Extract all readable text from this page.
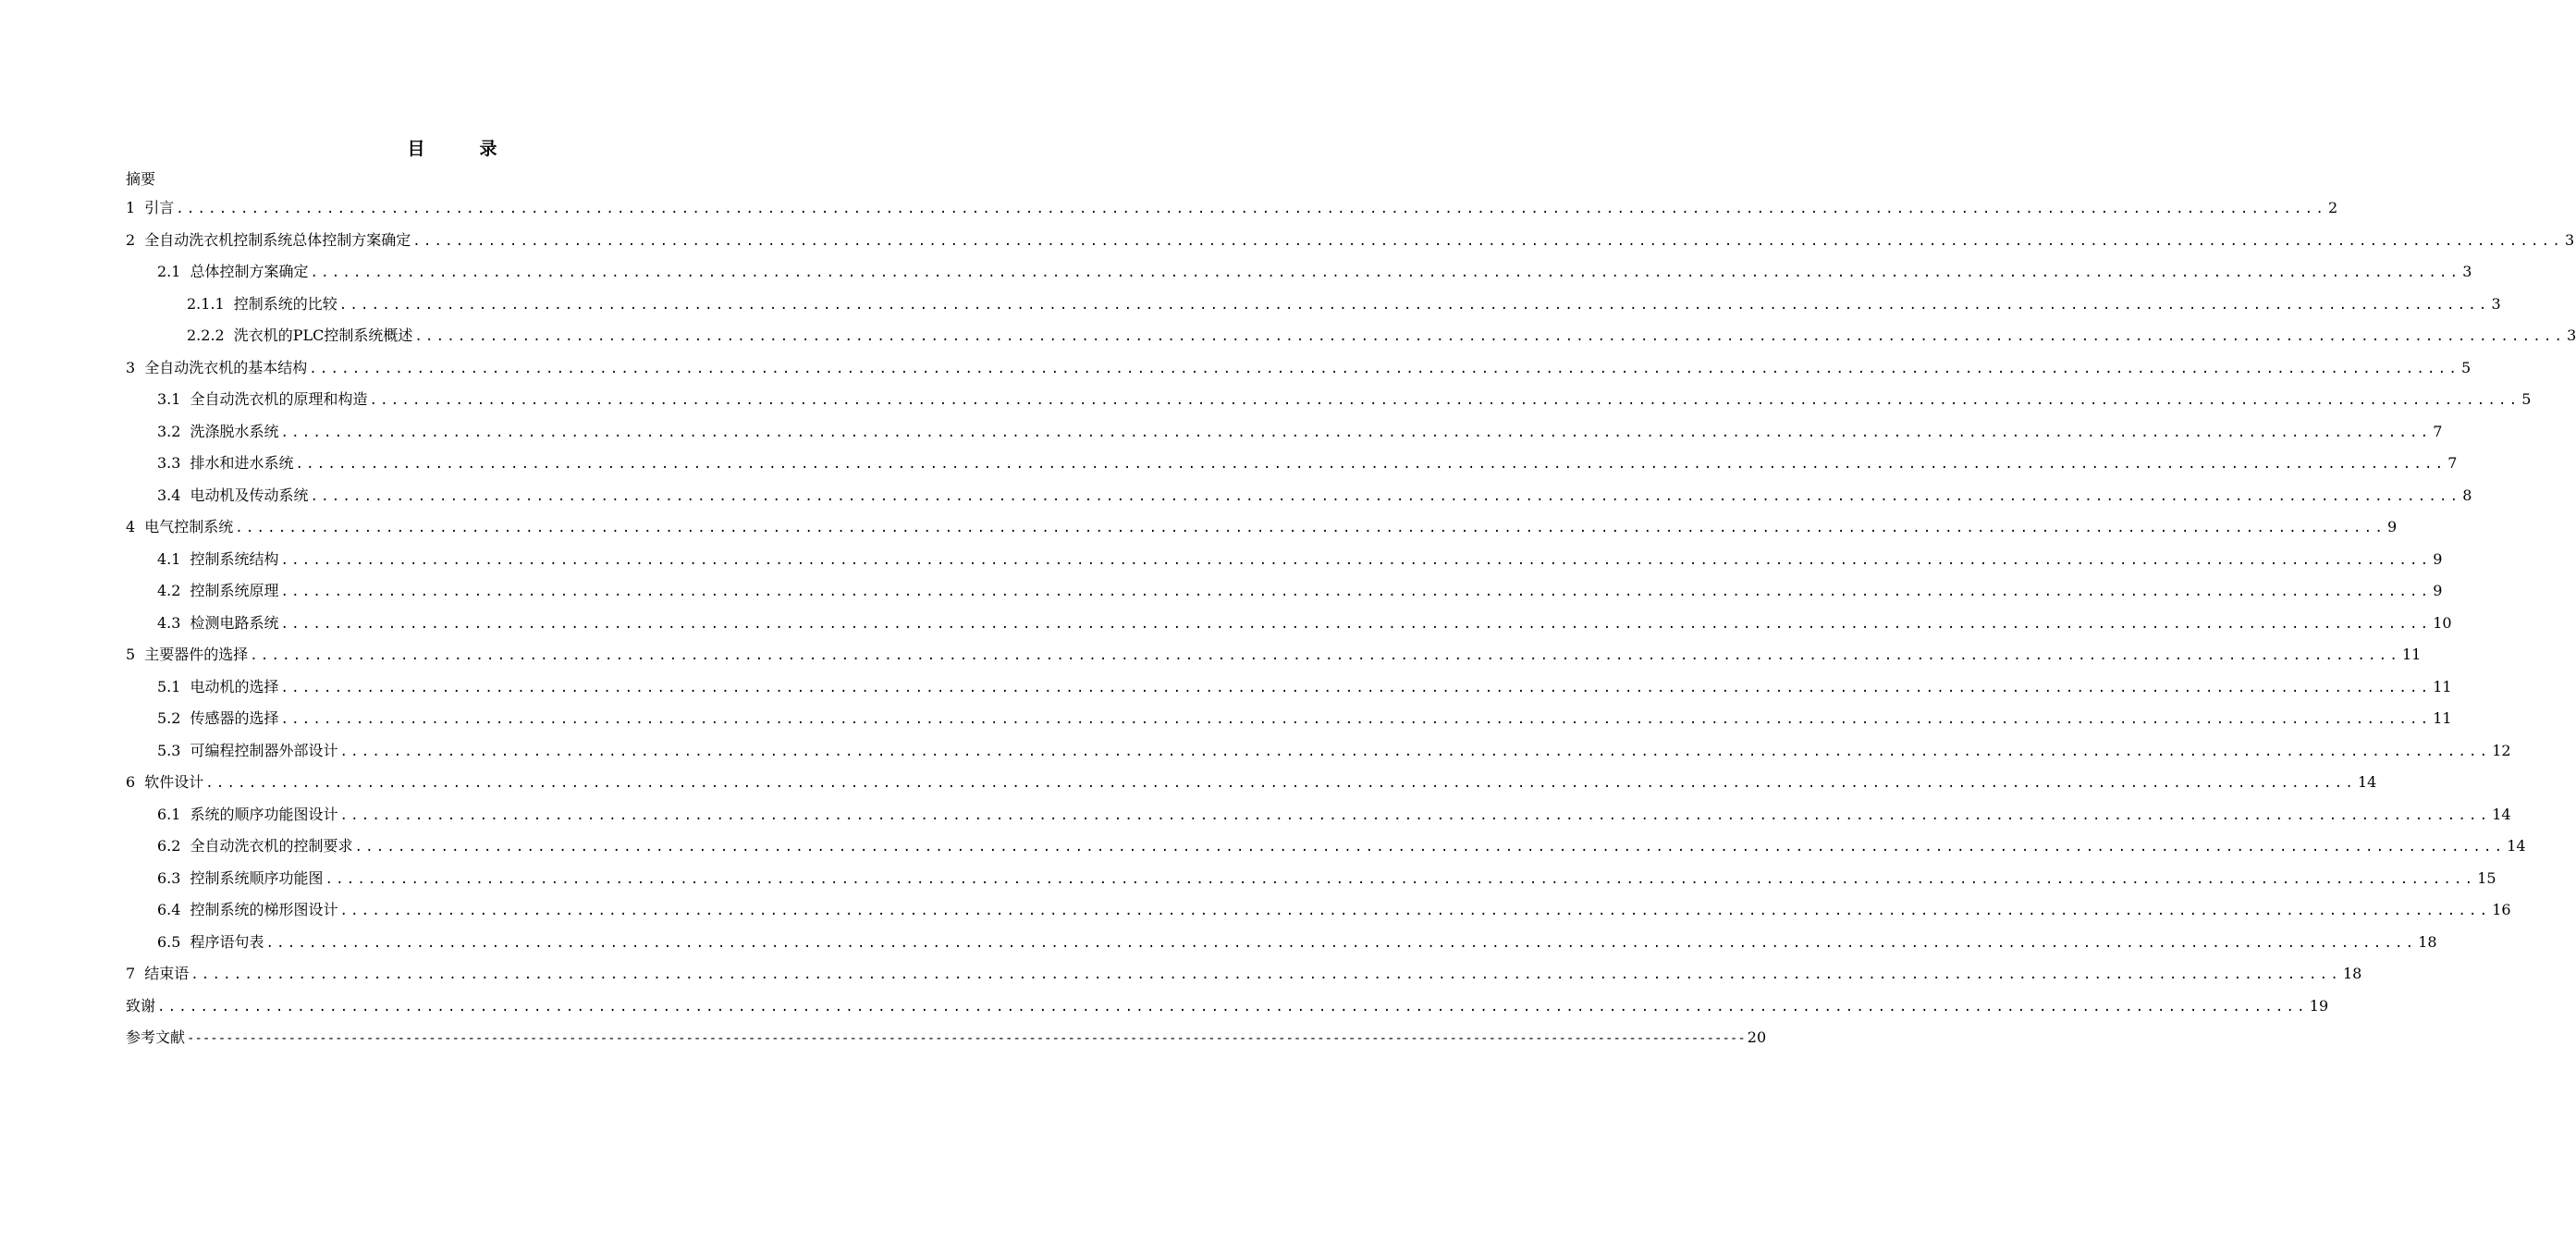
目　录
摘要
1 引言 ........................................................................................................................................................................................................ 2
2 全自动洗衣机控制系统总体控制方案确定 ........................................................................................................................................................................................................ 3
2.1 总体控制方案确定 ........................................................................................................................................................................................................ 3
2.1.1 控制系统的比较 ........................................................................................................................................................................................................ 3
2.2.2 洗衣机的PLC控制系统概述 ........................................................................................................................................................................................................ 3
3 全自动洗衣机的基本结构 ........................................................................................................................................................................................................ 5
3.1 全自动洗衣机的原理和构造 ........................................................................................................................................................................................................ 5
3.2 洗涤脱水系统 ........................................................................................................................................................................................................ 7
3.3 排水和进水系统 ........................................................................................................................................................................................................ 7
3.4 电动机及传动系统 ........................................................................................................................................................................................................ 8
4 电气控制系统 ........................................................................................................................................................................................................ 9
4.1 控制系统结构 ........................................................................................................................................................................................................ 9
4.2 控制系统原理 ........................................................................................................................................................................................................ 9
4.3 检测电路系统 ........................................................................................................................................................................................................ 10
5 主要器件的选择 ........................................................................................................................................................................................................ 11
5.1 电动机的选择 ........................................................................................................................................................................................................ 11
5.2 传感器的选择 ........................................................................................................................................................................................................ 11
5.3 可编程控制器外部设计 ........................................................................................................................................................................................................ 12
6 软件设计 ........................................................................................................................................................................................................ 14
6.1 系统的顺序功能图设计 ........................................................................................................................................................................................................ 14
6.2 全自动洗衣机的控制要求 ........................................................................................................................................................................................................ 14
6.3 控制系统顺序功能图 ........................................................................................................................................................................................................ 15
6.4 控制系统的梯形图设计 ........................................................................................................................................................................................................ 16
6.5 程序语句表 ........................................................................................................................................................................................................ 18
7 结束语 ........................................................................................................................................................................................................ 18
致谢 ........................................................................................................................................................................................................ 19
参考文献 -------------------------------------------------------------------------------------------------------------------------------------------------------------------------------------------------------- 20
